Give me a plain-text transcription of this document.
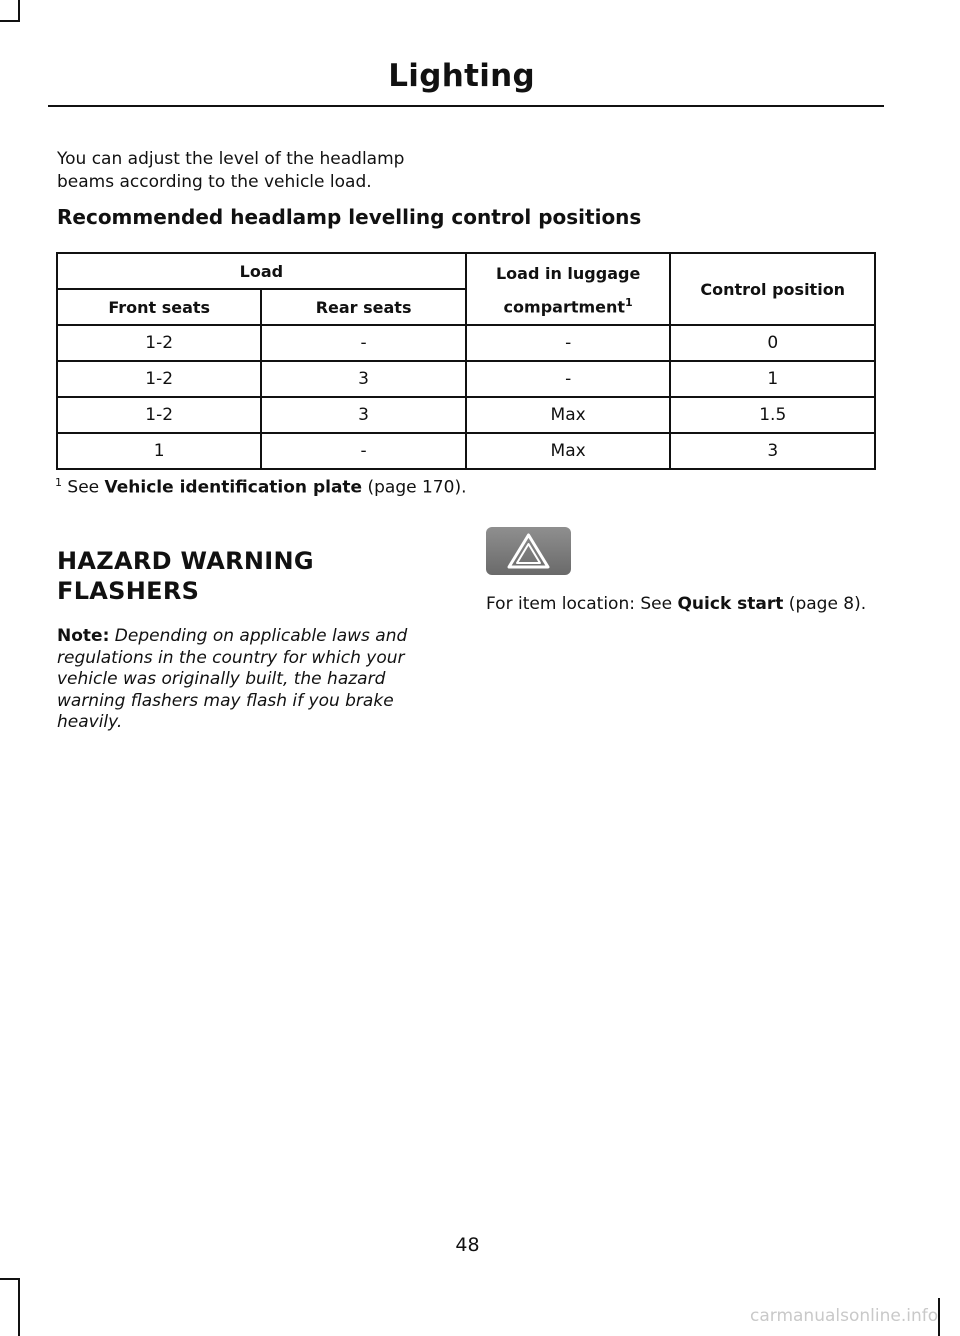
Lighting
You can adjust the level of the headlamp beams according to the vehicle load.
Recommended headlamp levelling control positions
Load		Load in luggage compartment$^1$	Control position
Front seats	Rear seats		
1-2	-	-	0
1-2	3	-	1
1-2	3	Max	1.5
1	-	Max	3
$^1$ See Vehicle identification plate (page 170).
HAZARD WARNING
FLASHERS
Note: Depending on applicable laws and regulations in the country for which your vehicle was originally built, the hazard warning flashers may flash if you brake heavily.
For item location: See Quick start (page 8).
48
carmanualsonline.info
